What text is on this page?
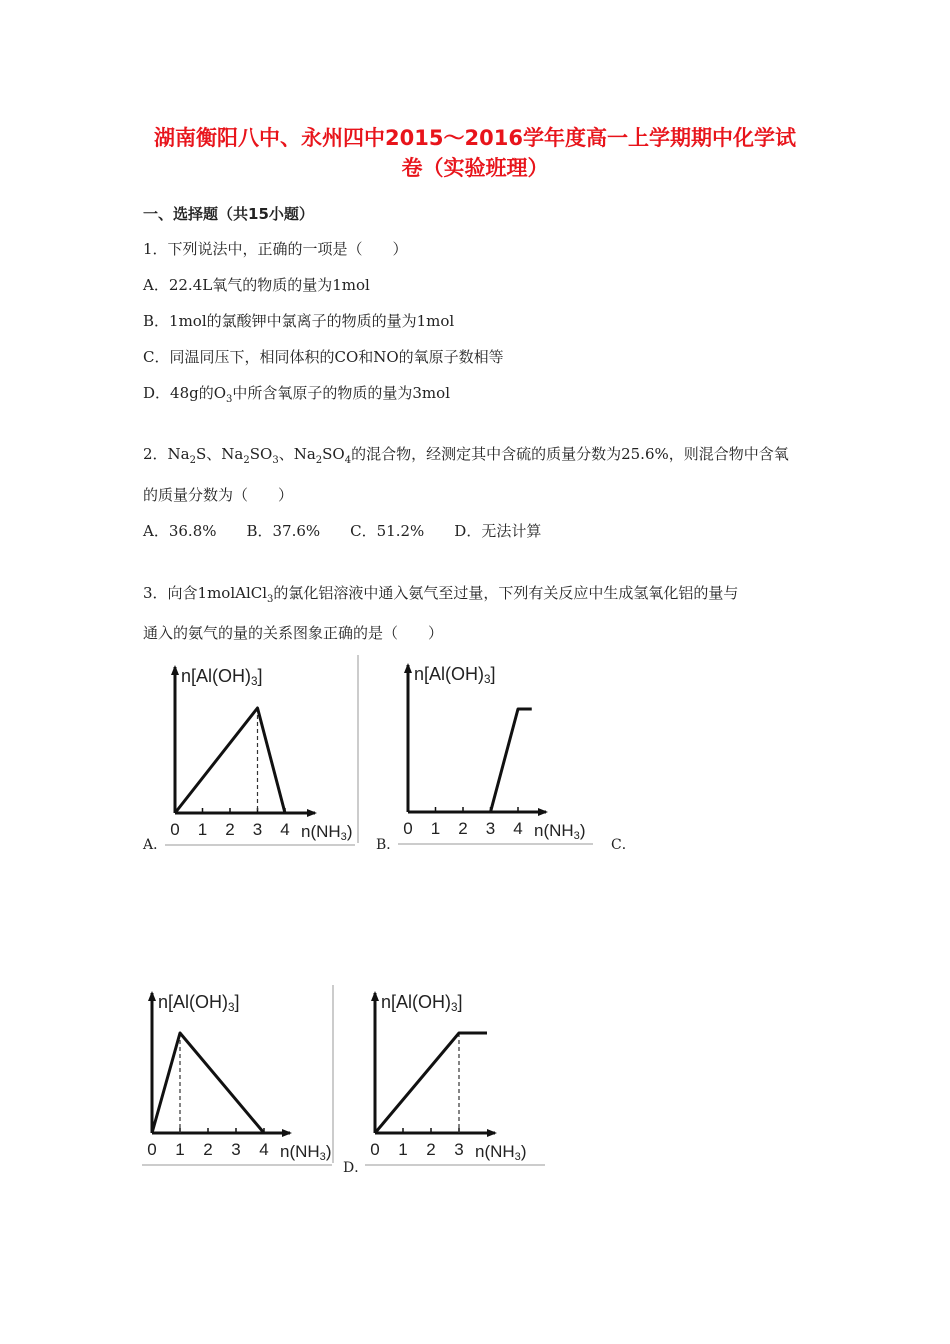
湖南衡阳八中、永州四中2015～2016学年度高一上学期期中化学试
卷（实验班理）
一、选择题（共15小题）
1．下列说法中，正确的一项是（　　）
A．22.4L氧气的物质的量为1mol
B．1mol的氯酸钾中氯离子的物质的量为1mol
C．同温同压下，相同体积的CO和NO的氧原子数相等
D．48g的$O_3$中所含氧原子的物质的量为3mol
2．$Na_2S$、$Na_2SO_3$、$Na_2SO_4$的混合物，经测定其中含硫的质量分数为25.6%，则混合物中含氧
的质量分数为（　　）
A．36.8%　　B．37.6%　　C．51.2%　　D．无法计算
3．向含1molAlCl$_3$的氯化铝溶液中通入氨气至过量，下列有关反应中生成氢氧化铝的量与
通入的氨气的量的关系图象正确的是（　　）
0 1 2 3 4
n[Al(OH)3]
n(NH3)
A．
0 1 2 3 4
n[Al(OH)3]
n(NH3)
B．	C．
0 1 2 3 4
n[Al(OH)3]
n(NH3) 0 1 2 3
n[Al(OH)3]
n(NH3)
D．
